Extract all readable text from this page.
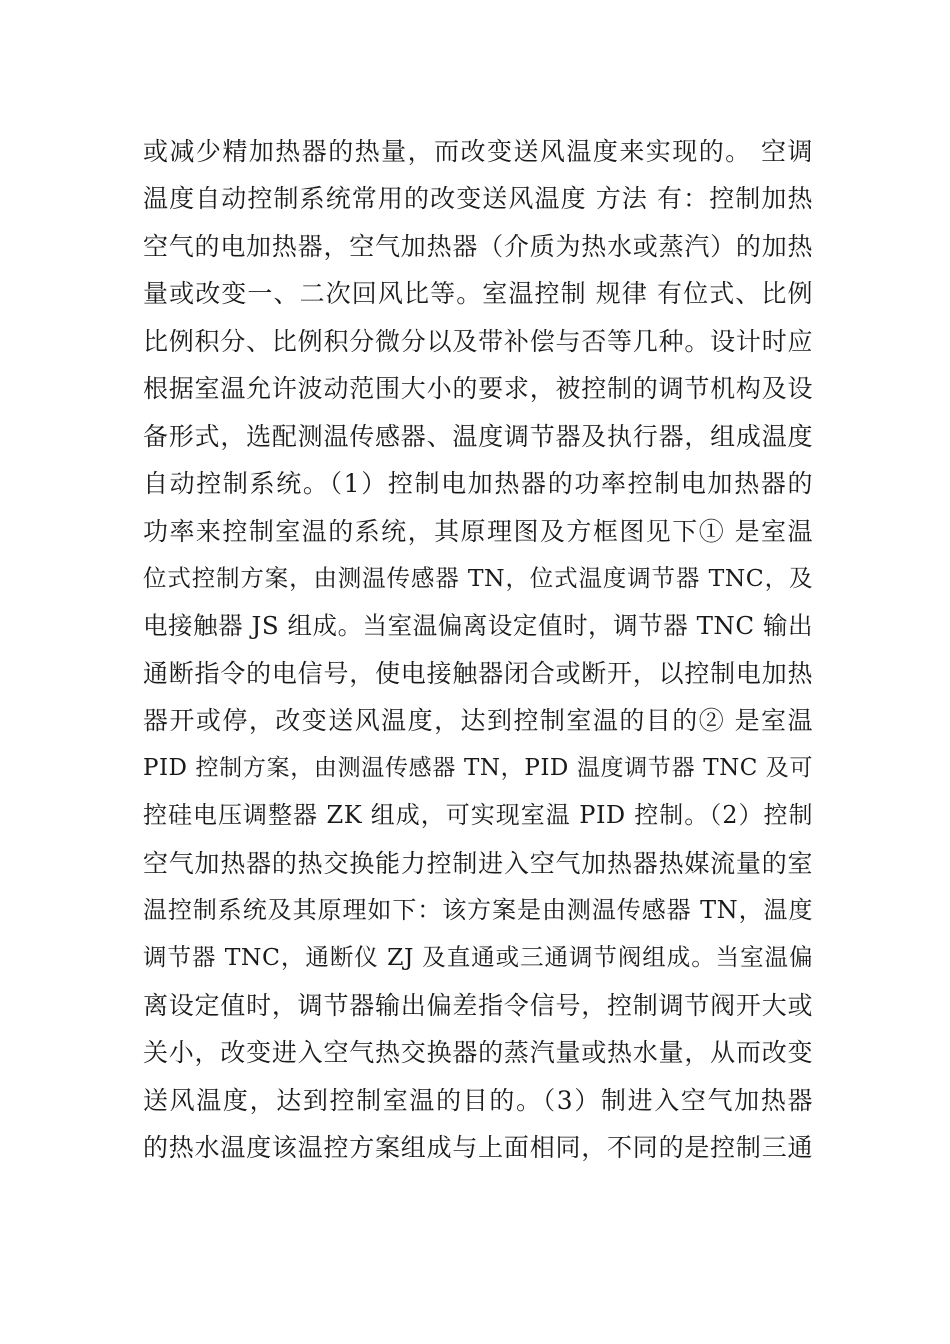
或减少精加热器的热量，而改变送风温度来实现的。 空调
温度自动控制系统常用的改变送风温度 方法 有：控制加热
空气的电加热器，空气加热器（介质为热水或蒸汽）的加热
量或改变一、二次回风比等。室温控制 规律 有位式、比例
比例积分、比例积分微分以及带补偿与否等几种。设计时应
根据室温允许波动范围大小的要求，被控制的调节机构及设
备形式，选配测温传感器、温度调节器及执行器，组成温度
自动控制系统。（1）控制电加热器的功率控制电加热器的
功率来控制室温的系统，其原理图及方框图见下① 是室温
位式控制方案，由测温传感器 TN，位式温度调节器 TNC，及
电接触器 JS 组成。当室温偏离设定值时，调节器 TNC 输出
通断指令的电信号，使电接触器闭合或断开，以控制电加热
器开或停，改变送风温度，达到控制室温的目的② 是室温
PID 控制方案，由测温传感器 TN，PID 温度调节器 TNC 及可
控硅电压调整器 ZK 组成，可实现室温 PID 控制。（2）控制
空气加热器的热交换能力控制进入空气加热器热媒流量的室
温控制系统及其原理如下：该方案是由测温传感器 TN，温度
调节器 TNC，通断仪 ZJ 及直通或三通调节阀组成。当室温偏
离设定值时，调节器输出偏差指令信号，控制调节阀开大或
关小，改变进入空气热交换器的蒸汽量或热水量，从而改变
送风温度，达到控制室温的目的。（3）制进入空气加热器
的热水温度该温控方案组成与上面相同，不同的是控制三通
